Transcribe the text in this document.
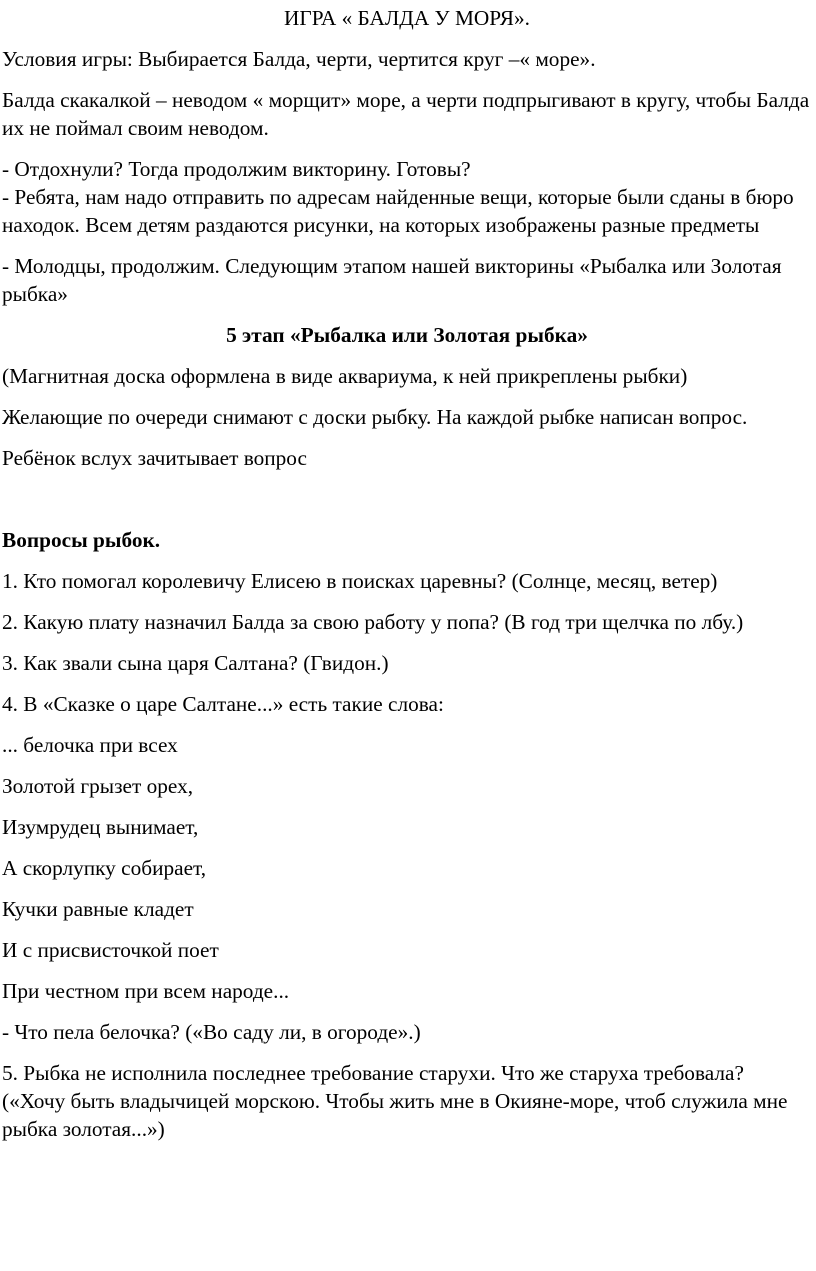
ИГРА « БАЛДА У МОРЯ».

Условия игры: Выбирается Балда, черти, чертится круг –« море».

Балда скакалкой – неводом « морщит» море, а черти подпрыгивают в кругу, чтобы Балда их не поймал своим неводом.

- Отдохнули? Тогда продолжим викторину. Готовы?

- Ребята, нам надо отправить по адресам найденные вещи, которые были сданы в бюро находок. Всем детям раздаются рисунки, на которых изображены разные предметы

- Молодцы, продолжим. Следующим этапом нашей викторины «Рыбалка или Золотая рыбка»

5 этап «Рыбалка или Золотая рыбка»

(Магнитная доска оформлена в виде аквариума, к ней прикреплены рыбки)

Желающие по очереди снимают с доски рыбку. На каждой рыбке написан вопрос.

Ребёнок вслух зачитывает вопрос

Вопросы рыбок.

1. Кто помогал королевичу Елисею в поисках царевны? (Солнце, месяц, ветер)

2. Какую плату назначил Балда за свою работу у попа? (В год три щелчка по лбу.)

3. Как звали сына царя Салтана? (Гвидон.)

4. В «Сказке о царе Салтане...» есть такие слова:

... белочка при всех

Золотой грызет орех,

Изумрудец вынимает,

А скорлупку собирает,

Кучки равные кладет

И с присвисточкой поет

При честном при всем народе...

- Что пела белочка? («Во саду ли, в огороде».)

5. Рыбка не исполнила последнее требование старухи. Что же старуха требовала? («Хочу быть владычицей морскою. Чтобы жить мне в Окияне-море, чтоб служила мне рыбка золотая...»)
